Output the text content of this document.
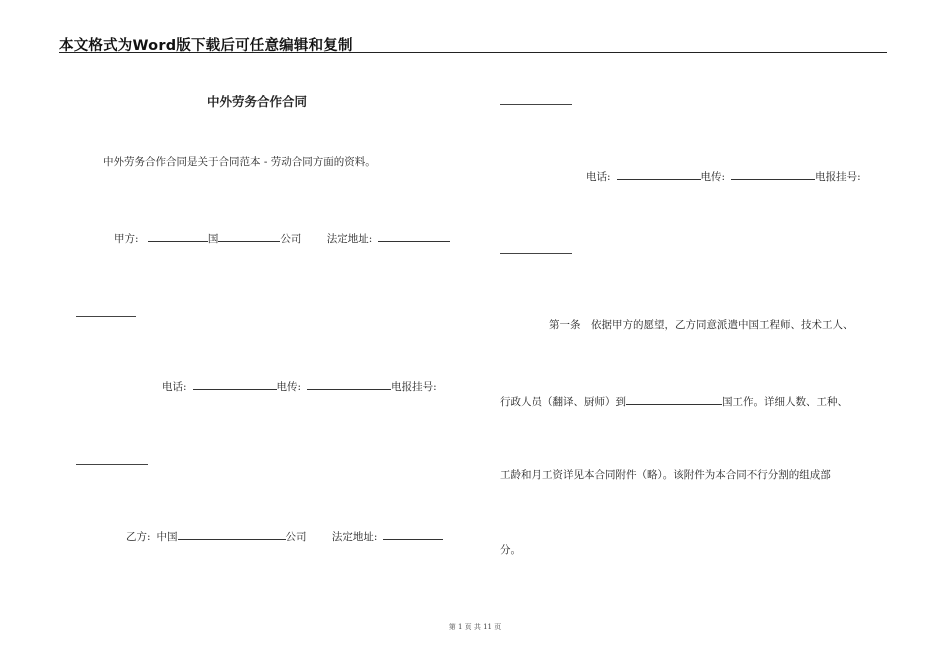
本文格式为Word版下载后可任意编辑和复制
中外劳务合作合同
中外劳务合作合同是关于合同范本 - 劳动合同方面的资料。
甲方:	国	公司 法定地址:
电话:	电传:	电报挂号:
乙方: 中国	公司 法定地址:
电话:	电传:	电报挂号:
第一条　依据甲方的愿望，乙方同意派遣中国工程师、技术工人、
行政人员（翻译、厨师）到	国工作。详细人数、工种、
工龄和月工资详见本合同附件（略）。该附件为本合同不行分割的组成部
分。
第 1 页 共 11 页
